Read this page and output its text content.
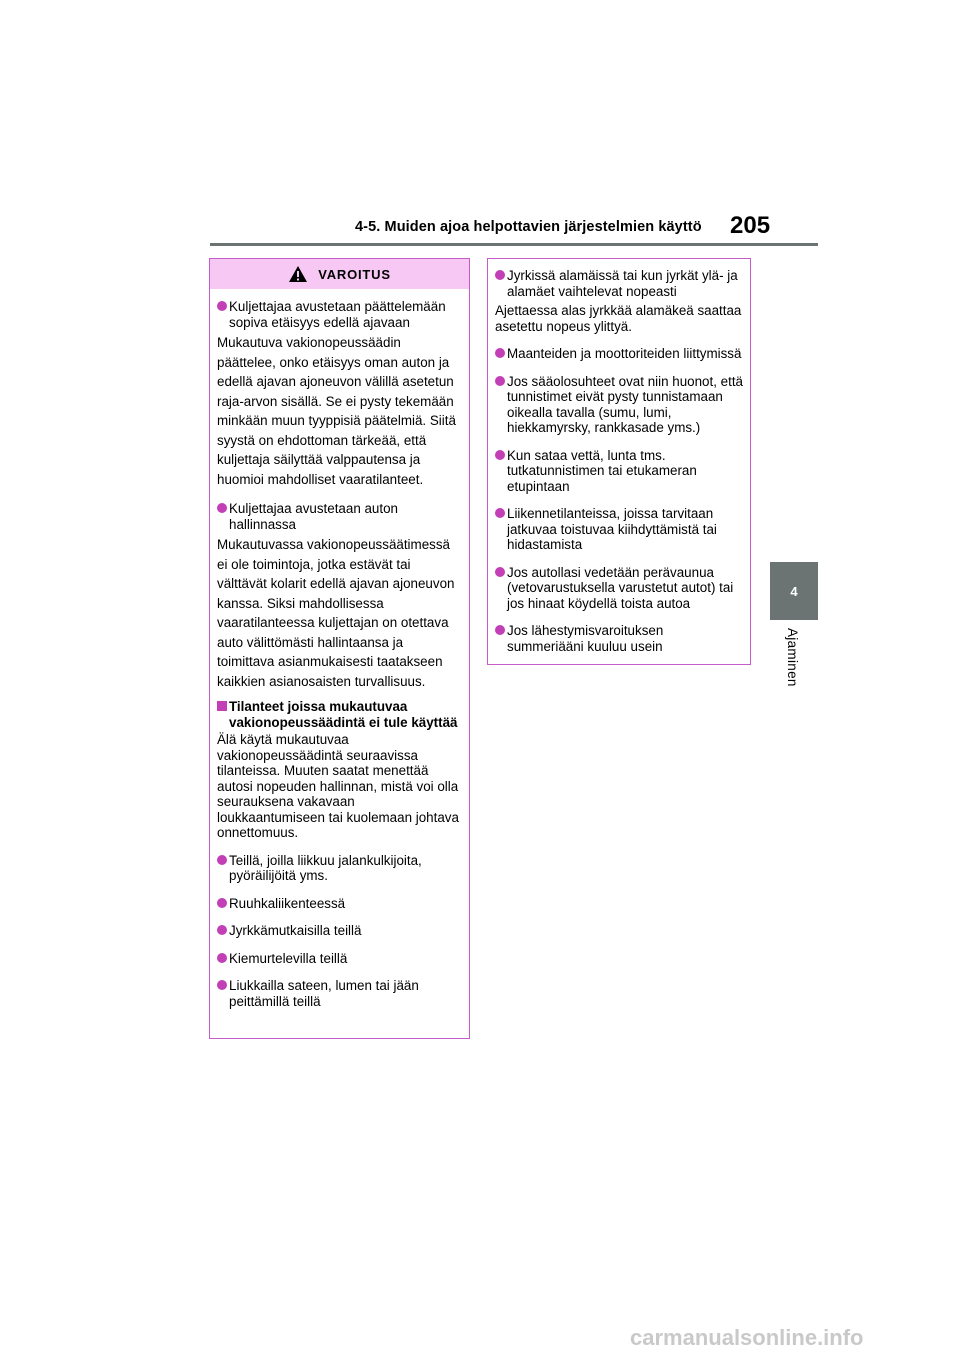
4-5. Muiden ajoa helpottavien järjestelmien käyttö 205
4
Ajaminen
VAROITUS
Kuljettajaa avustetaan päättelemään sopiva etäisyys edellä ajavaan
Mukautuva vakionopeussäädin päättelee, onko etäisyys oman auton ja edellä ajavan ajoneuvon välillä asetetun raja-arvon sisällä. Se ei pysty tekemään minkään muun tyyppisiä päätelmiä. Siitä syystä on ehdottoman tärkeää, että kuljettaja säilyttää valppautensa ja huomioi mahdolliset vaaratilanteet.
Kuljettajaa avustetaan auton hallinnassa
Mukautuvassa vakionopeussäätimessä ei ole toimintoja, jotka estävät tai välttävät kolarit edellä ajavan ajoneuvon kanssa. Siksi mahdollisessa vaaratilanteessa kuljettajan on otettava auto välittömästi hallintaansa ja toimittava asianmukaisesti taatakseen kaikkien asianosaisten turvallisuus.
Tilanteet joissa mukautuvaa vakionopeussäädintä ei tule käyttää
Älä käytä mukautuvaa vakionopeussäädintä seuraavissa tilanteissa. Muuten saatat menettää autosi nopeuden hallinnan, mistä voi olla seurauksena vakavaan loukkaantumiseen tai kuolemaan johtava onnettomuus.
Teillä, joilla liikkuu jalankulkijoita, pyöräilijöitä yms.
Ruuhkaliikenteessä
Jyrkkämutkaisilla teillä
Kiemurtelevilla teillä
Liukkailla sateen, lumen tai jään peittämillä teillä
Jyrkissä alamäissä tai kun jyrkät ylä- ja alamäet vaihtelevat nopeasti
Ajettaessa alas jyrkkää alamäkeä saattaa asetettu nopeus ylittyä.
Maanteiden ja moottoriteiden liittymissä
Jos sääolosuhteet ovat niin huonot, että tunnistimet eivät pysty tunnistamaan oikealla tavalla (sumu, lumi, hiekkamyrsky, rankkasade yms.)
Kun sataa vettä, lunta tms. tutkatunnistimen tai etukameran etupintaan
Liikennetilanteissa, joissa tarvitaan jatkuvaa toistuvaa kiihdyttämistä tai hidastamista
Jos autollasi vedetään perävaunua (vetovarustuksella varustetut autot) tai jos hinaat köydellä toista autoa
Jos lähestymisvaroituksen summeriääni kuuluu usein
carmanualsonline.info
